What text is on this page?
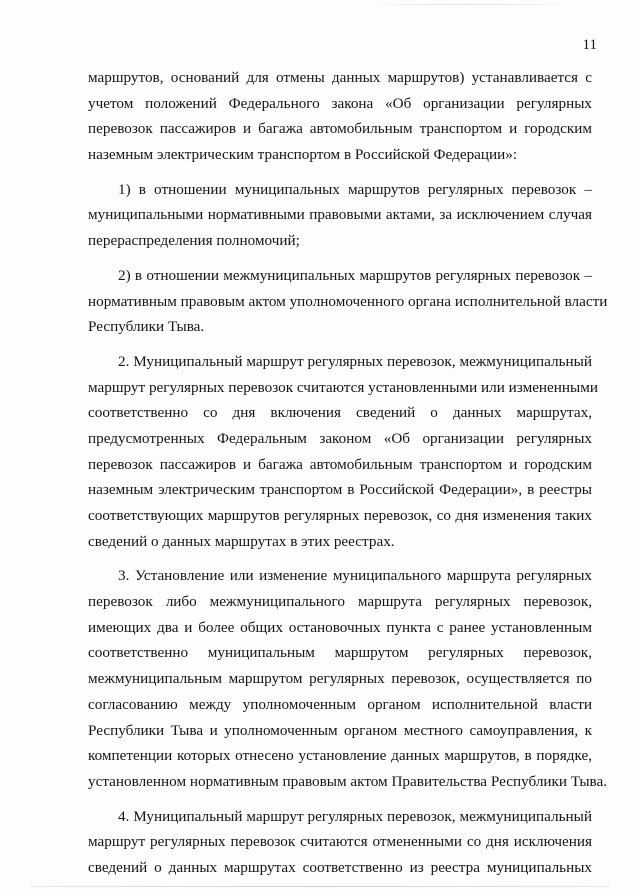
11
маршрутов, оснований для отмены данных маршрутов) устанавливается с
учетом положений Федерального закона «Об организации регулярных
перевозок пассажиров и багажа автомобильным транспортом и городским
наземным электрическим транспортом в Российской Федерации»:
1) в отношении муниципальных маршрутов регулярных перевозок –
муниципальными нормативными правовыми актами, за исключением случая
перераспределения полномочий;
2) в отношении межмуниципальных маршрутов регулярных перевозок –
нормативным правовым актом уполномоченного органа исполнительной власти
Республики Тыва.
2. Муниципальный маршрут регулярных перевозок, межмуниципальный
маршрут регулярных перевозок считаются установленными или измененными
соответственно со дня включения сведений о данных маршрутах,
предусмотренных Федеральным законом «Об организации регулярных
перевозок пассажиров и багажа автомобильным транспортом и городским
наземным электрическим транспортом в Российской Федерации», в реестры
соответствующих маршрутов регулярных перевозок, со дня изменения таких
сведений о данных маршрутах в этих реестрах.
3. Установление или изменение муниципального маршрута регулярных
перевозок либо межмуниципального маршрута регулярных перевозок,
имеющих два и более общих остановочных пункта с ранее установленным
соответственно муниципальным маршрутом регулярных перевозок,
межмуниципальным маршрутом регулярных перевозок, осуществляется по
согласованию между уполномоченным органом исполнительной власти
Республики Тыва и уполномоченным органом местного самоуправления, к
компетенции которых отнесено установление данных маршрутов, в порядке,
установленном нормативным правовым актом Правительства Республики Тыва.
4. Муниципальный маршрут регулярных перевозок, межмуниципальный
маршрут регулярных перевозок считаются отмененными со дня исключения
сведений о данных маршрутах соответственно из реестра муниципальных
